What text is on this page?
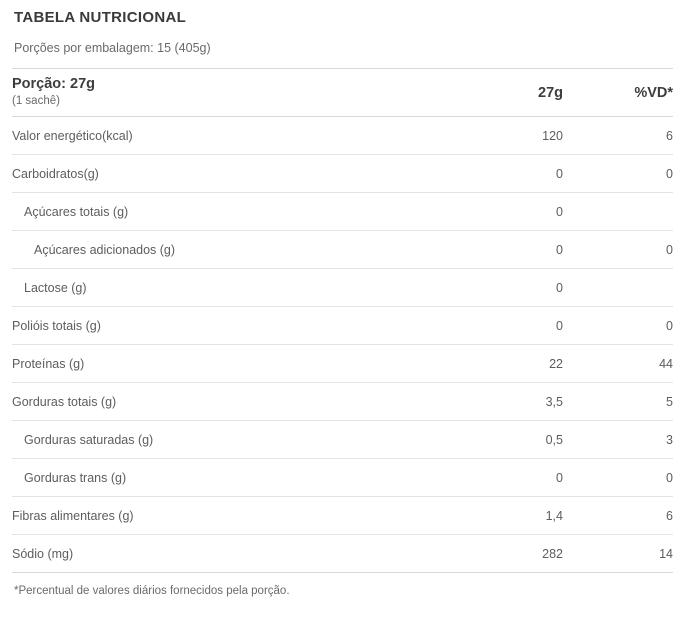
TABELA NUTRICIONAL
Porções por embalagem: 15 (405g)
Porção: 27g
(1 sachê)	27g	%VD*
Valor energético(kcal)	120	6
Carboidratos(g)	0	0
Açúcares totais (g)	0	
Açúcares adicionados (g)	0	0
Lactose (g)	0	
Polióis totais (g)	0	0
Proteínas (g)	22	44
Gorduras totais (g)	3,5	5
Gorduras saturadas (g)	0,5	3
Gorduras trans (g)	0	0
Fibras alimentares (g)	1,4	6
Sódio (mg)	282	14
*Percentual de valores diários fornecidos pela porção.
